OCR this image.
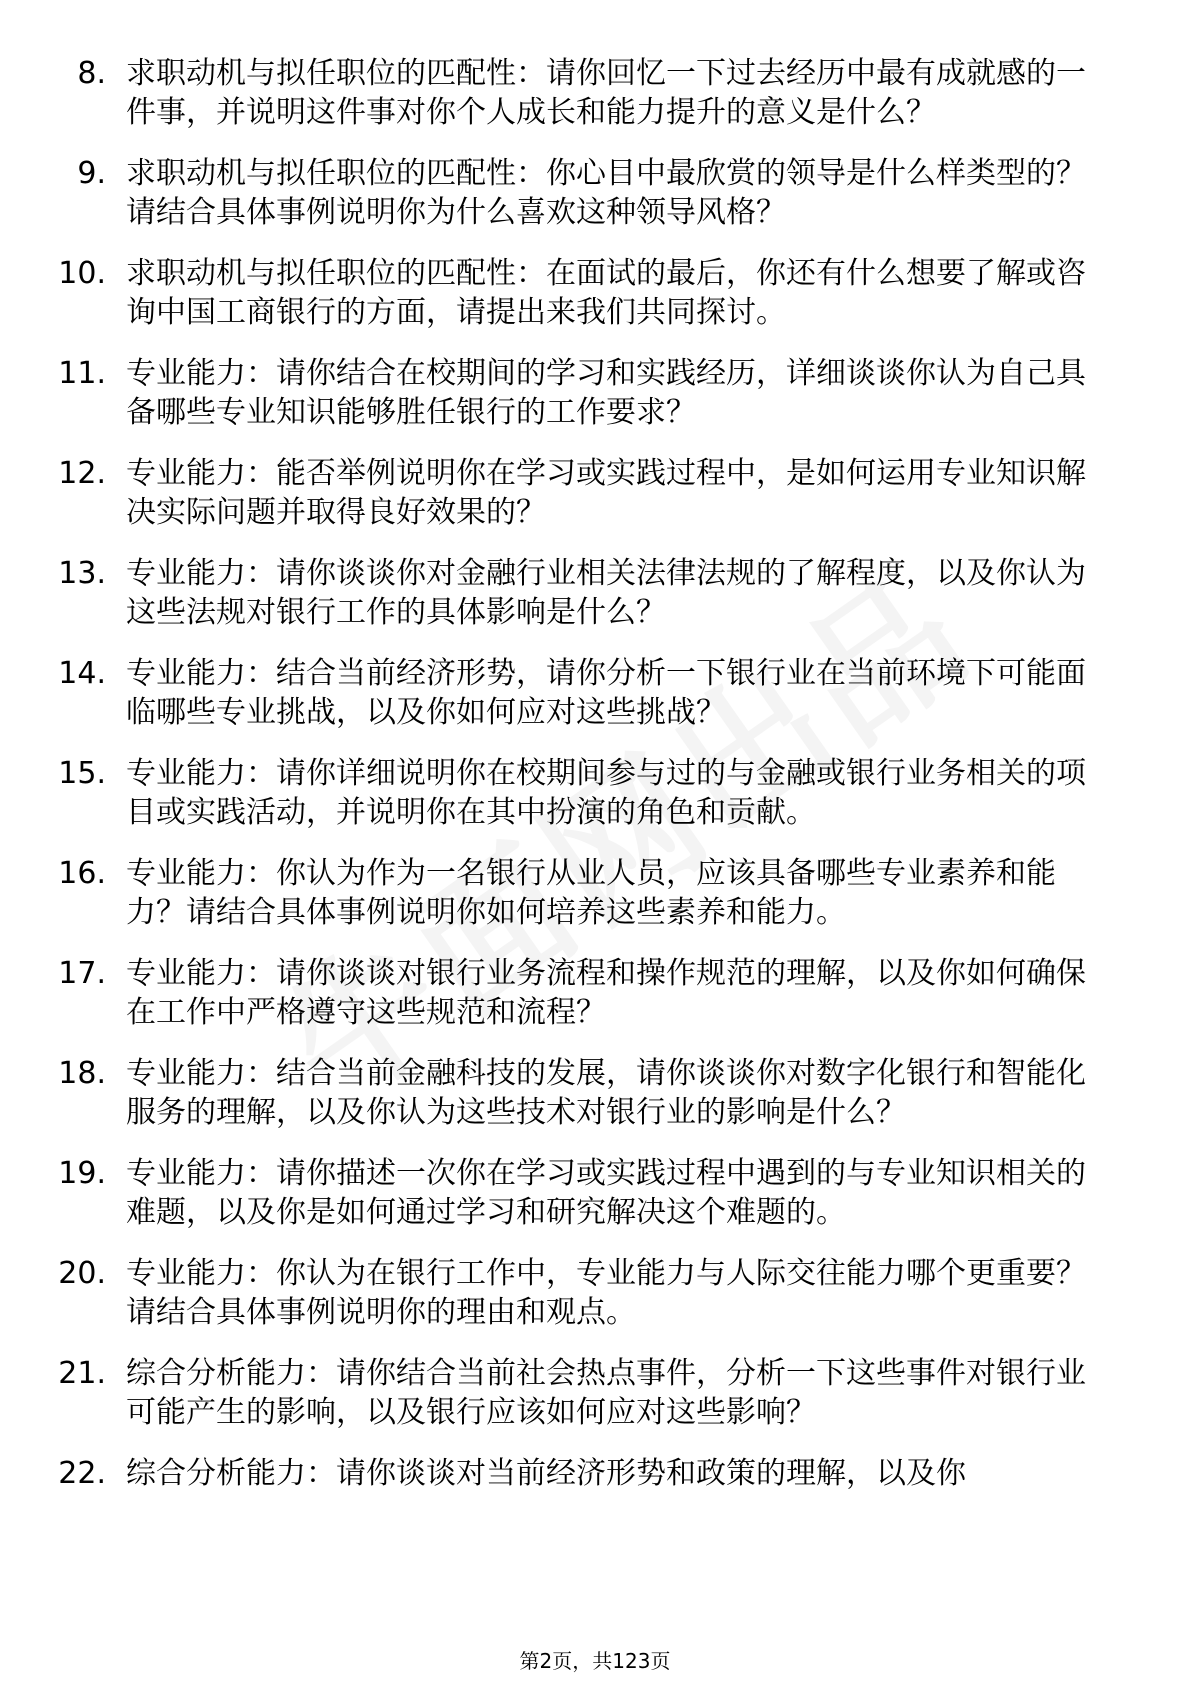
8. 求职动机与拟任职位的匹配性：请你回忆一下过去经历中最有成就感的一件事，并说明这件事对你个人成长和能力提升的意义是什么？
9. 求职动机与拟任职位的匹配性：你心目中最欣赏的领导是什么样类型的？请结合具体事例说明你为什么喜欢这种领导风格？
10. 求职动机与拟任职位的匹配性：在面试的最后，你还有什么想要了解或咨询中国工商银行的方面，请提出来我们共同探讨。
11. 专业能力：请你结合在校期间的学习和实践经历，详细谈谈你认为自己具备哪些专业知识能够胜任银行的工作要求？
12. 专业能力：能否举例说明你在学习或实践过程中，是如何运用专业知识解决实际问题并取得良好效果的？
13. 专业能力：请你谈谈你对金融行业相关法律法规的了解程度，以及你认为这些法规对银行工作的具体影响是什么？
14. 专业能力：结合当前经济形势，请你分析一下银行业在当前环境下可能面临哪些专业挑战，以及你如何应对这些挑战？
15. 专业能力：请你详细说明你在校期间参与过的与金融或银行业务相关的项目或实践活动，并说明你在其中扮演的角色和贡献。
16. 专业能力：你认为作为一名银行从业人员，应该具备哪些专业素养和能力？请结合具体事例说明你如何培养这些素养和能力。
17. 专业能力：请你谈谈对银行业务流程和操作规范的理解，以及你如何确保在工作中严格遵守这些规范和流程？
18. 专业能力：结合当前金融科技的发展，请你谈谈你对数字化银行和智能化服务的理解，以及你认为这些技术对银行业的影响是什么？
19. 专业能力：请你描述一次你在学习或实践过程中遇到的与专业知识相关的难题，以及你是如何通过学习和研究解决这个难题的。
20. 专业能力：你认为在银行工作中，专业能力与人际交往能力哪个更重要？请结合具体事例说明你的理由和观点。
21. 综合分析能力：请你结合当前社会热点事件，分析一下这些事件对银行业可能产生的影响，以及银行应该如何应对这些影响？
22. 综合分析能力：请你谈谈对当前经济形势和政策的理解，以及你
第2页，共123页
